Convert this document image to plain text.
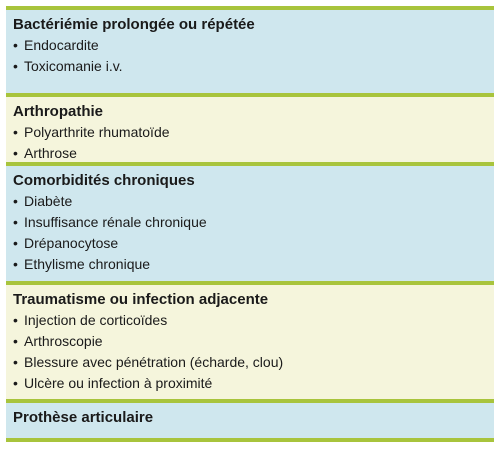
Bactériémie prolongée ou répétée
• Endocardite
• Toxicomanie i.v.
Arthropathie
• Polyarthrite rhumatoïde
• Arthrose
Comorbidités chroniques
• Diabète
• Insuffisance rénale chronique
• Drépanocytose
• Ethylisme chronique
Traumatisme ou infection adjacente
• Injection de corticoïdes
• Arthroscopie
• Blessure avec pénétration (écharde, clou)
• Ulcère ou infection à proximité
Prothèse articulaire
